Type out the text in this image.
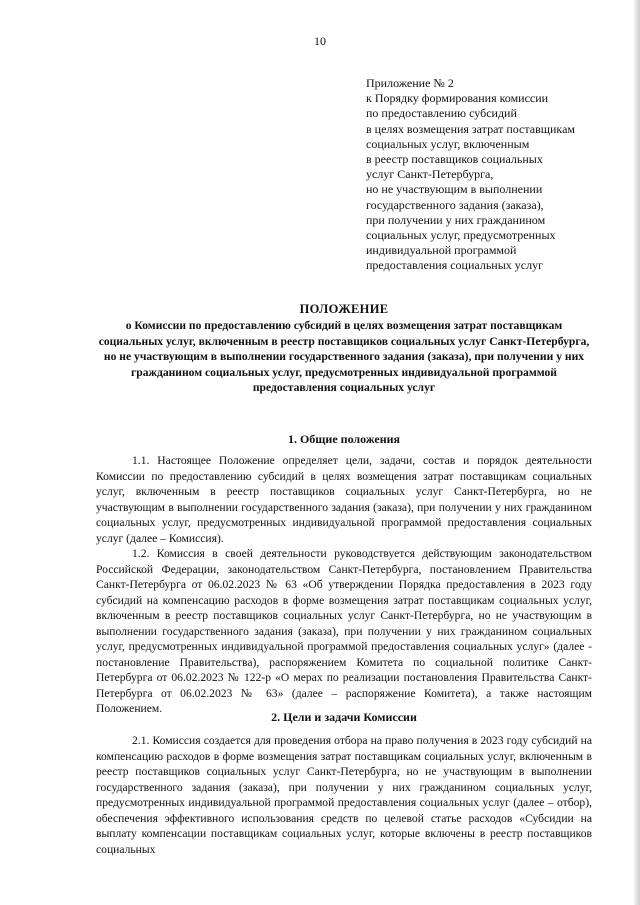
10
Приложение № 2
к Порядку формирования комиссии
по предоставлению субсидий
в целях возмещения затрат поставщикам
социальных услуг, включенным
в реестр поставщиков социальных
услуг Санкт-Петербурга,
но не участвующим в выполнении
государственного задания (заказа),
при получении у них гражданином
социальных услуг, предусмотренных
индивидуальной программой
предоставления социальных услуг
ПОЛОЖЕНИЕ
о Комиссии по предоставлению субсидий в целях возмещения затрат поставщикам социальных услуг, включенным в реестр поставщиков социальных услуг Санкт-Петербурга, но не участвующим в выполнении государственного задания (заказа), при получении у них гражданином социальных услуг, предусмотренных индивидуальной программой предоставления социальных услуг
1. Общие положения

1.1. Настоящее Положение определяет цели, задачи, состав и порядок деятельности Комиссии по предоставлению субсидий в целях возмещения затрат поставщикам социальных услуг, включенным в реестр поставщиков социальных услуг Санкт-Петербурга, но не участвующим в выполнении государственного задания (заказа), при получении у них гражданином социальных услуг, предусмотренных индивидуальной программой предоставления социальных услуг (далее – Комиссия).

1.2. Комиссия в своей деятельности руководствуется действующим законодательством Российской Федерации, законодательством Санкт-Петербурга, постановлением Правительства Санкт-Петербурга от 06.02.2023 № 63 «Об утверждении Порядка предоставления в 2023 году субсидий на компенсацию расходов в форме возмещения затрат поставщикам социальных услуг, включенным в реестр поставщиков социальных услуг Санкт-Петербурга, но не участвующим в выполнении государственного задания (заказа), при получении у них гражданином социальных услуг, предусмотренных индивидуальной программой предоставления социальных услуг» (далее - постановление Правительства), распоряжением Комитета по социальной политике Санкт-Петербурга от 06.02.2023 № 122-р «О мерах по реализации постановления Правительства Санкт-Петербурга от 06.02.2023 № 63» (далее – распоряжение Комитета), а также настоящим Положением.

2. Цели и задачи Комиссии

2.1. Комиссия создается для проведения отбора на право получения в 2023 году субсидий на компенсацию расходов в форме возмещения затрат поставщикам социальных услуг, включенным в реестр поставщиков социальных услуг Санкт-Петербурга, но не участвующим в выполнении государственного задания (заказа), при получении у них гражданином социальных услуг, предусмотренных индивидуальной программой предоставления социальных услуг (далее – отбор), обеспечения эффективного использования средств по целевой статье расходов «Субсидии на выплату компенсации поставщикам социальных услуг, которые включены в реестр поставщиков социальных
